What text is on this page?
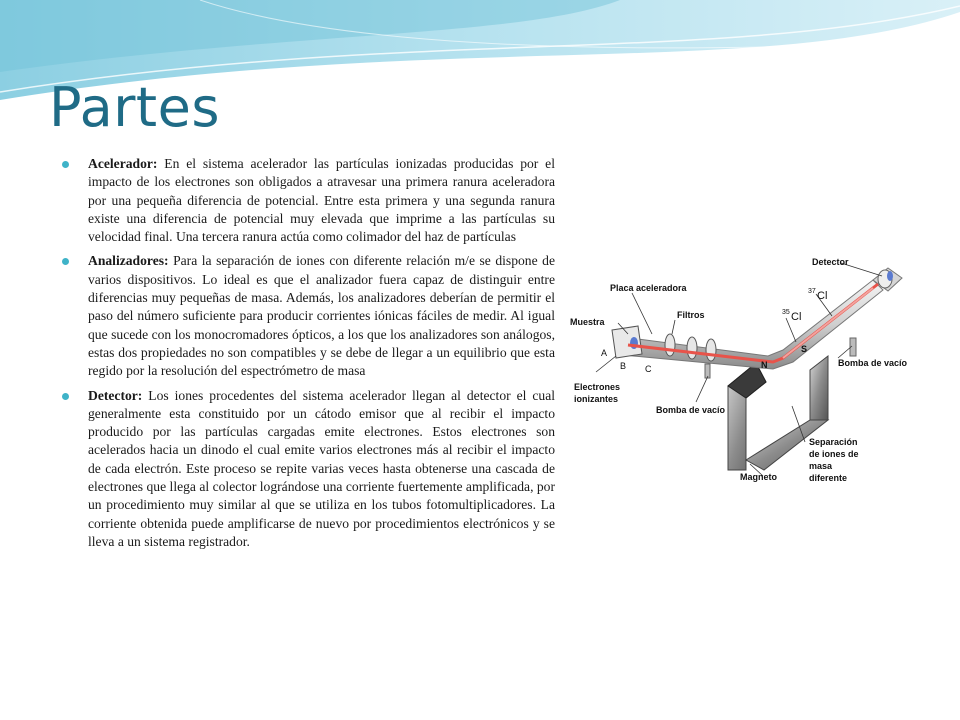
Partes
Acelerador: En el sistema acelerador las partículas ionizadas producidas por el impacto de los electrones son obligados a atravesar una primera ranura aceleradora por una pequeña diferencia de potencial. Entre esta primera y una segunda ranura existe una diferencia de potencial muy elevada que imprime a las partículas su velocidad final. Una tercera ranura actúa como colimador del haz de partículas
Analizadores: Para la separación de iones con diferente relación m/e se dispone de varios dispositivos. Lo ideal es que el analizador fuera capaz de distinguir entre diferencias muy pequeñas de masa. Además, los analizadores deberían de permitir el paso del número suficiente para producir corrientes iónicas fáciles de medir. Al igual que sucede con los monocromadores ópticos, a los que los analizadores son análogos, estas dos propiedades no son compatibles y se debe de llegar a un equilibrio que esta regido por la resolución del espectrómetro de masa
Detector: Los iones procedentes del sistema acelerador llegan al detector el cual generalmente esta constituido por un cátodo emisor que al recibir el impacto producido por las partículas cargadas emite electrones. Estos electrones son acelerados hacia un dinodo el cual emite varios electrones más al recibir el impacto de cada electrón. Este proceso se repite varias veces hasta obtenerse una cascada de electrones que llega al colector lográndose una corriente fuertemente amplificada, por un procedimiento muy similar al que se utiliza en los tubos fotomultiplicadores. La corriente obtenida puede amplificarse de nuevo por procedimientos electrónicos y se lleva a un sistema registrador.
Detector
37 Cl
Placa aceleradora
Filtros	35 Cl
Muestra
S
A
B C	N	Bomba de vacío
Electrones
ionizantes
Bomba de vacío
Separación
de iones de
masa
diferente
Magneto
